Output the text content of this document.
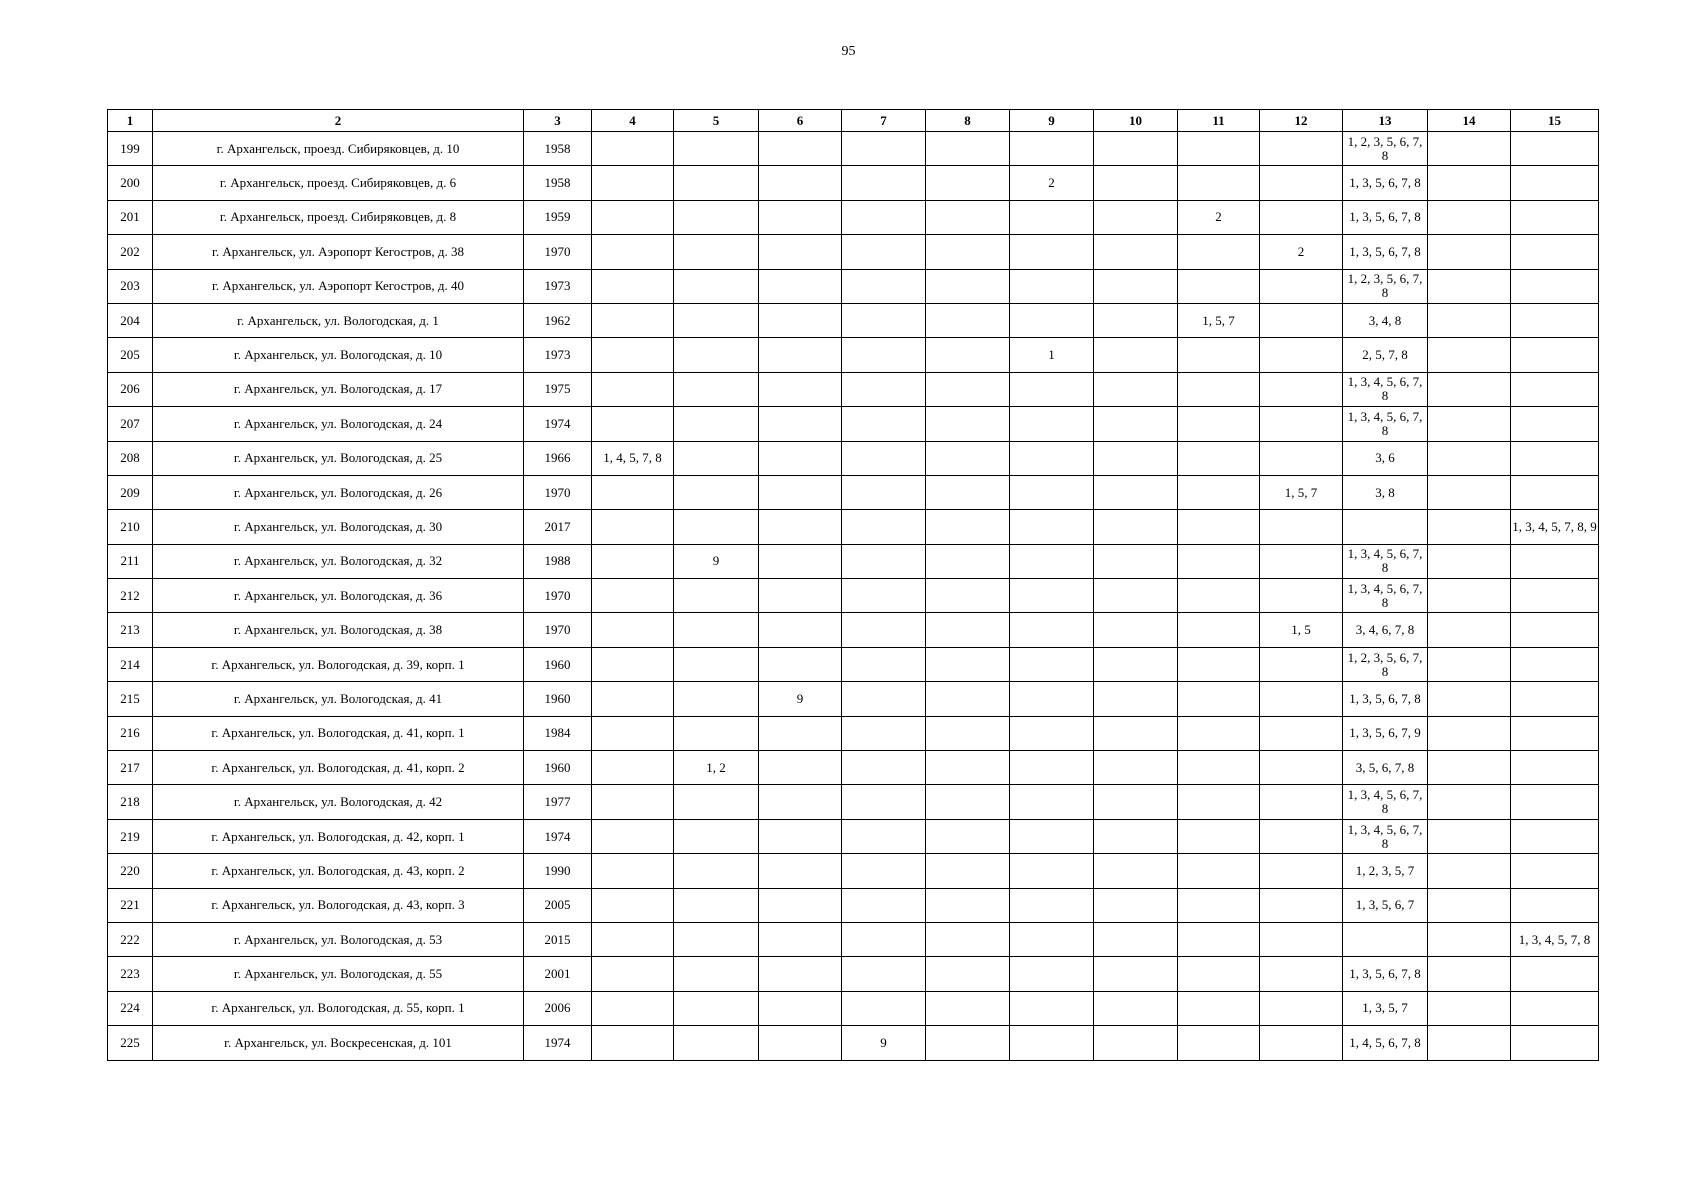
95
1	2	3	4	5	6	7	8	9	10	11	12	13	14	15
199	г. Архангельск, проезд. Сибиряковцев, д. 10	1958										1, 2, 3, 5, 6, 7, 8		
200	г. Архангельск, проезд. Сибиряковцев, д. 6	1958						2				1, 3, 5, 6, 7, 8		
201	г. Архангельск, проезд. Сибиряковцев, д. 8	1959								2		1, 3, 5, 6, 7, 8		
202	г. Архангельск, ул. Аэропорт Кегостров, д. 38	1970									2	1, 3, 5, 6, 7, 8		
203	г. Архангельск, ул. Аэропорт Кегостров, д. 40	1973										1, 2, 3, 5, 6, 7, 8		
204	г. Архангельск, ул. Вологодская, д. 1	1962								1, 5, 7		3, 4, 8		
205	г. Архангельск, ул. Вологодская, д. 10	1973						1				2, 5, 7, 8		
206	г. Архангельск, ул. Вологодская, д. 17	1975										1, 3, 4, 5, 6, 7, 8		
207	г. Архангельск, ул. Вологодская, д. 24	1974										1, 3, 4, 5, 6, 7, 8		
208	г. Архангельск, ул. Вологодская, д. 25	1966	1, 4, 5, 7, 8									3, 6		
209	г. Архангельск, ул. Вологодская, д. 26	1970									1, 5, 7	3, 8		
210	г. Архангельск, ул. Вологодская, д. 30	2017												1, 3, 4, 5, 7, 8, 9
211	г. Архангельск, ул. Вологодская, д. 32	1988		9								1, 3, 4, 5, 6, 7, 8		
212	г. Архангельск, ул. Вологодская, д. 36	1970										1, 3, 4, 5, 6, 7, 8		
213	г. Архангельск, ул. Вологодская, д. 38	1970									1, 5	3, 4, 6, 7, 8		
214	г. Архангельск, ул. Вологодская, д. 39, корп. 1	1960										1, 2, 3, 5, 6, 7, 8		
215	г. Архангельск, ул. Вологодская, д. 41	1960			9							1, 3, 5, 6, 7, 8		
216	г. Архангельск, ул. Вологодская, д. 41, корп. 1	1984										1, 3, 5, 6, 7, 9		
217	г. Архангельск, ул. Вологодская, д. 41, корп. 2	1960		1, 2								3, 5, 6, 7, 8		
218	г. Архангельск, ул. Вологодская, д. 42	1977										1, 3, 4, 5, 6, 7, 8		
219	г. Архангельск, ул. Вологодская, д. 42, корп. 1	1974										1, 3, 4, 5, 6, 7, 8		
220	г. Архангельск, ул. Вологодская, д. 43, корп. 2	1990										1, 2, 3, 5, 7		
221	г. Архангельск, ул. Вологодская, д. 43, корп. 3	2005										1, 3, 5, 6, 7		
222	г. Архангельск, ул. Вологодская, д. 53	2015												1, 3, 4, 5, 7, 8
223	г. Архангельск, ул. Вологодская, д. 55	2001										1, 3, 5, 6, 7, 8		
224	г. Архангельск, ул. Вологодская, д. 55, корп. 1	2006										1, 3, 5, 7		
225	г. Архангельск, ул. Воскресенская, д. 101	1974				9						1, 4, 5, 6, 7, 8		
